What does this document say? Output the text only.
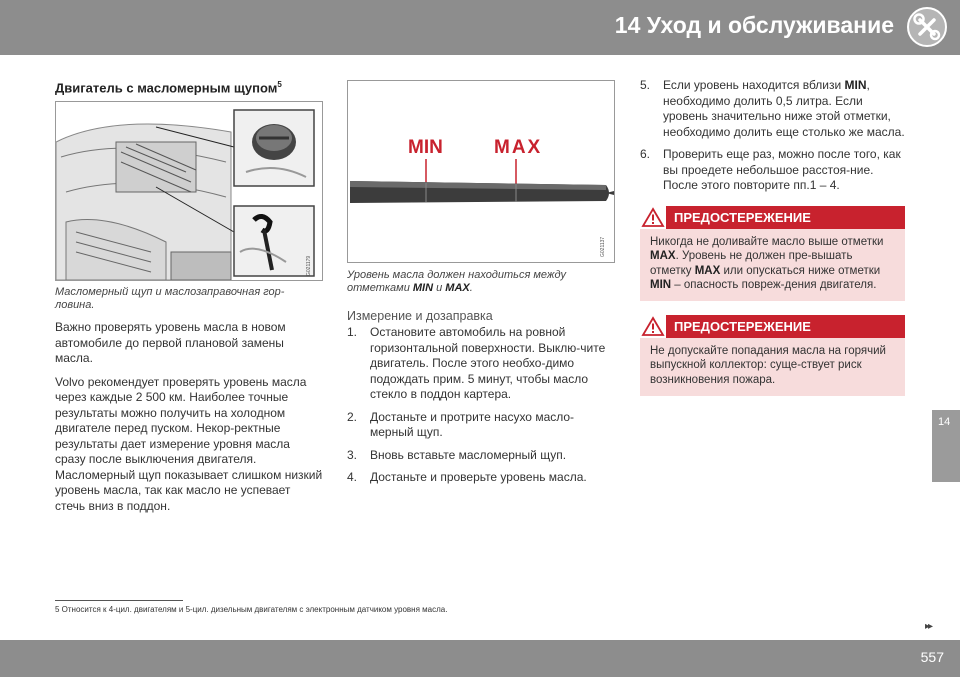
14 Уход и обслуживание
Двигатель с масломерным щупом$^5$
G021179
Масломерный щуп и маслозаправочная гор-ловина.

Важно проверять уровень масла в новом автомобиле до первой плановой замены масла.

Volvo рекомендует проверять уровень масла через каждые 2 500 км. Наиболее точные результаты можно получить на холодном двигателе перед пуском. Некор-ректные результаты дает измерение уровня масла сразу после выключения двигателя. Масломерный щуп показывает слишком низкий уровень масла, так как масло не успевает стечь вниз в поддон.

MIN	MAX
G021137
Уровень масла должен находиться между отметками MIN и MAX.
Измерение и дозаправка
1. Остановите автомобиль на ровной горизонтальной поверхности. Выклю-чите двигатель. После этого необхо-димо подождать прим. 5 минут, чтобы масло стекло в поддон картера.
2. Достаньте и протрите насухо масло-мерный щуп.
3. Вновь вставьте масломерный щуп.
4. Достаньте и проверьте уровень масла.
5. Если уровень находится вблизи MIN, необходимо долить 0,5 литра. Если уровень значительно ниже этой отметки, необходимо долить еще столько же масла.
6. Проверить еще раз, можно после того, как вы проедете небольшое расстоя-ние. После этого повторите пп.1 – 4.
ПРЕДОСТЕРЕЖЕНИЕ
Никогда не доливайте масло выше отметки MAX. Уровень не должен пре-вышать отметку MAX или опускаться ниже отметки MIN – опасность повреж-дения двигателя.
ПРЕДОСТЕРЕЖЕНИЕ
Не допускайте попадания масла на горячий выпускной коллектор: суще-ствует риск возникновения пожара.
14
5 Относится к 4-цил. двигателям и 5-цил. дизельным двигателям с электронным датчиком уровня масла.
▸▸
557
